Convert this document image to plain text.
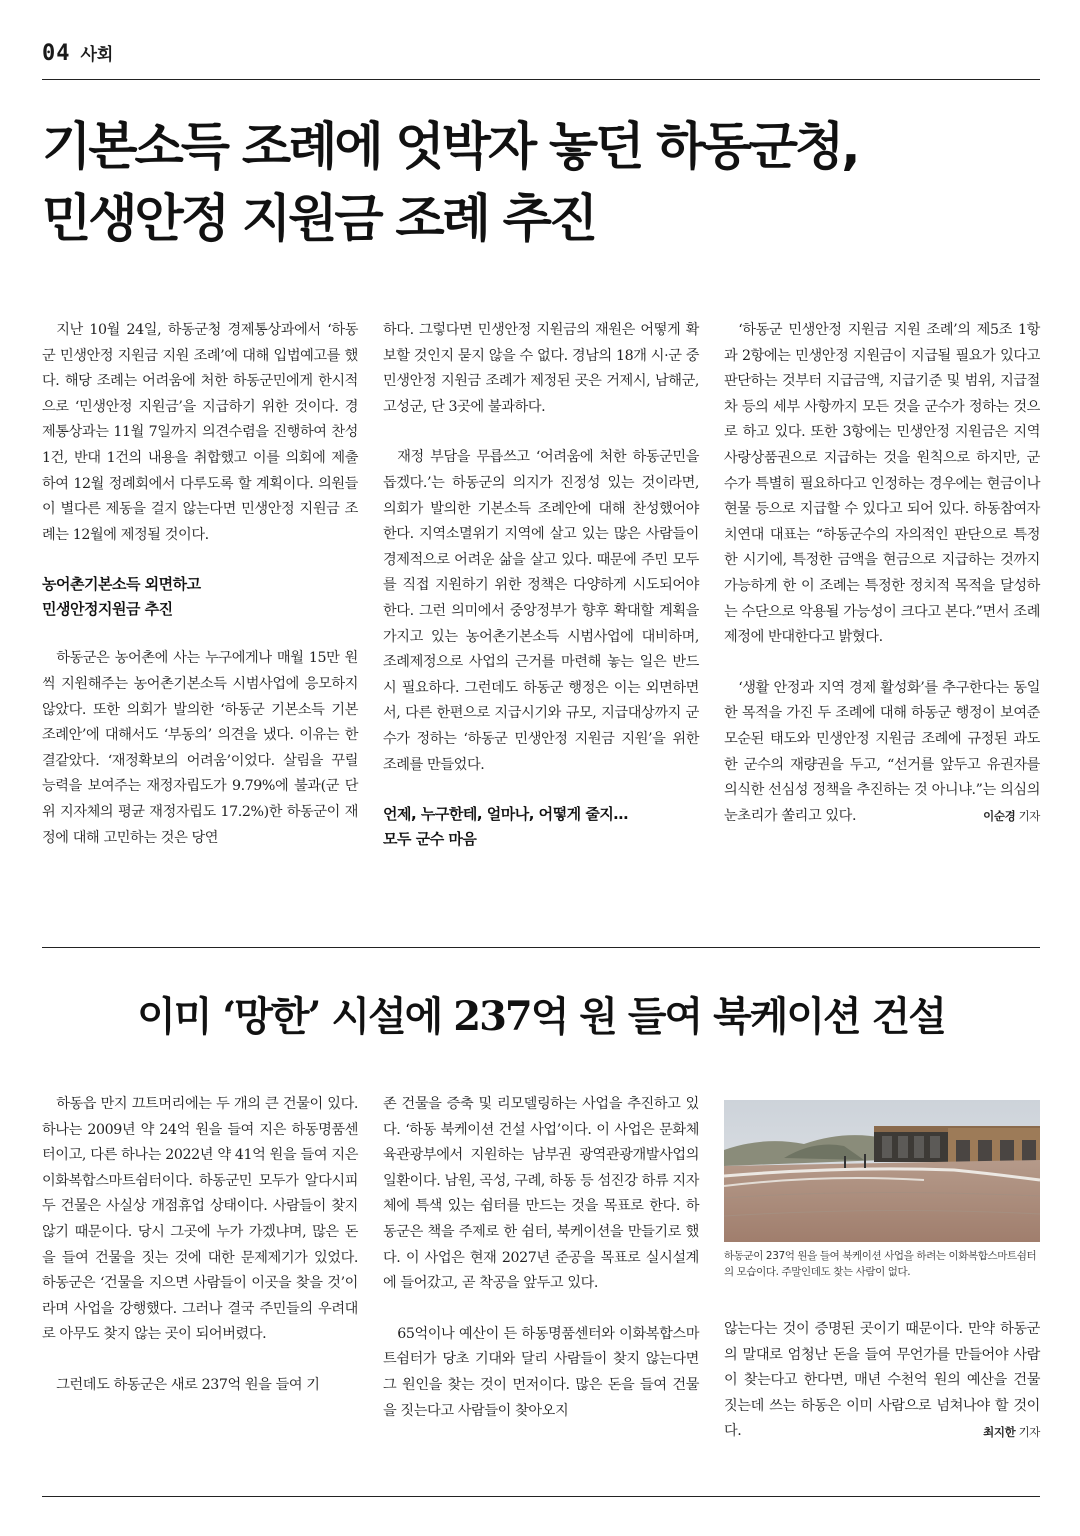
04 사회
기본소득 조례에 엇박자 놓던 하동군청,
민생안정 지원금 조례 추진

지난 10월 24일, 하동군청 경제통상과에서 ‘하동군 민생안정 지원금 지원 조례’에 대해 입법예고를 했다. 해당 조례는 어려움에 처한 하동군민에게 한시적으로 ‘민생안정 지원금’을 지급하기 위한 것이다. 경제통상과는 11월 7일까지 의견수렴을 진행하여 찬성 1건, 반대 1건의 내용을 취합했고 이를 의회에 제출하여 12월 정례회에서 다루도록 할 계획이다. 의원들이 별다른 제동을 걸지 않는다면 민생안정 지원금 조례는 12월에 제정될 것이다.

농어촌기본소득 외면하고
민생안정지원금 추진

하동군은 농어촌에 사는 누구에게나 매월 15만 원씩 지원해주는 농어촌기본소득 시범사업에 응모하지 않았다. 또한 의회가 발의한 ‘하동군 기본소득 기본 조례안’에 대해서도 ‘부동의’ 의견을 냈다. 이유는 한결같았다. ‘재정확보의 어려움’이었다. 살림을 꾸릴 능력을 보여주는 재정자립도가 9.79%에 불과(군 단위 지자체의 평균 재정자립도 17.2%)한 하동군이 재정에 대해 고민하는 것은 당연

하다. 그렇다면 민생안정 지원금의 재원은 어떻게 확보할 것인지 묻지 않을 수 없다. 경남의 18개 시·군 중 민생안정 지원금 조례가 제정된 곳은 거제시, 남해군, 고성군, 단 3곳에 불과하다.

재정 부담을 무릅쓰고 ‘어려움에 처한 하동군민을 돕겠다.’는 하동군의 의지가 진정성 있는 것이라면, 의회가 발의한 기본소득 조례안에 대해 찬성했어야 한다. 지역소멸위기 지역에 살고 있는 많은 사람들이 경제적으로 어려운 삶을 살고 있다. 때문에 주민 모두를 직접 지원하기 위한 정책은 다양하게 시도되어야 한다. 그런 의미에서 중앙정부가 향후 확대할 계획을 가지고 있는 농어촌기본소득 시범사업에 대비하며, 조례제정으로 사업의 근거를 마련해 놓는 일은 반드시 필요하다. 그런데도 하동군 행정은 이는 외면하면서, 다른 한편으로 지급시기와 규모, 지급대상까지 군수가 정하는 ‘하동군 민생안정 지원금 지원’을 위한 조례를 만들었다.

언제, 누구한테, 얼마나, 어떻게 줄지…
모두 군수 마음

‘하동군 민생안정 지원금 지원 조례’의 제5조 1항과 2항에는 민생안정 지원금이 지급될 필요가 있다고 판단하는 것부터 지급금액, 지급기준 및 범위, 지급절차 등의 세부 사항까지 모든 것을 군수가 정하는 것으로 하고 있다. 또한 3항에는 민생안정 지원금은 지역사랑상품권으로 지급하는 것을 원칙으로 하지만, 군수가 특별히 필요하다고 인정하는 경우에는 현금이나 현물 등으로 지급할 수 있다고 되어 있다. 하동참여자치연대 대표는 “하동군수의 자의적인 판단으로 특정한 시기에, 특정한 금액을 현금으로 지급하는 것까지 가능하게 한 이 조례는 특정한 정치적 목적을 달성하는 수단으로 악용될 가능성이 크다고 본다.”면서 조례 제정에 반대한다고 밝혔다.

‘생활 안정과 지역 경제 활성화’를 추구한다는 동일한 목적을 가진 두 조례에 대해 하동군 행정이 보여준 모순된 태도와 민생안정 지원금 조례에 규정된 과도한 군수의 재량권을 두고, “선거를 앞두고 유권자를 의식한 선심성 정책을 추진하는 것 아니냐.”는 의심의 눈초리가 쏠리고 있다.	이순경 기자
이미 ‘망한’ 시설에 237억 원 들여 북케이션 건설

하동읍 만지 끄트머리에는 두 개의 큰 건물이 있다. 하나는 2009년 약 24억 원을 들여 지은 하동명품센터이고, 다른 하나는 2022년 약 41억 원을 들여 지은 이화복합스마트쉼터이다. 하동군민 모두가 알다시피 두 건물은 사실상 개점휴업 상태이다. 사람들이 찾지 않기 때문이다. 당시 그곳에 누가 가겠냐며, 많은 돈을 들여 건물을 짓는 것에 대한 문제제기가 있었다. 하동군은 ‘건물을 지으면 사람들이 이곳을 찾을 것’이라며 사업을 강행했다. 그러나 결국 주민들의 우려대로 아무도 찾지 않는 곳이 되어버렸다.

그런데도 하동군은 새로 237억 원을 들여 기

존 건물을 증축 및 리모델링하는 사업을 추진하고 있다. ‘하동 북케이션 건설 사업’이다. 이 사업은 문화체육관광부에서 지원하는 남부권 광역관광개발사업의 일환이다. 남원, 곡성, 구례, 하동 등 섬진강 하류 지자체에 특색 있는 쉼터를 만드는 것을 목표로 한다. 하동군은 책을 주제로 한 쉼터, 북케이션을 만들기로 했다. 이 사업은 현재 2027년 준공을 목표로 실시설계에 들어갔고, 곧 착공을 앞두고 있다.

65억이나 예산이 든 하동명품센터와 이화복합스마트쉼터가 당초 기대와 달리 사람들이 찾지 않는다면 그 원인을 찾는 것이 먼저이다. 많은 돈을 들여 건물을 짓는다고 사람들이 찾아오지

하동군이 237억 원을 들여 북케이션 사업을 하려는 이화복합스마트쉼터의 모습이다. 주말인데도 찾는 사람이 없다.

않는다는 것이 증명된 곳이기 때문이다. 만약 하동군의 말대로 엄청난 돈을 들여 무언가를 만들어야 사람이 찾는다고 한다면, 매년 수천억 원의 예산을 건물 짓는데 쓰는 하동은 이미 사람으로 넘쳐나야 할 것이다.	최지한 기자
